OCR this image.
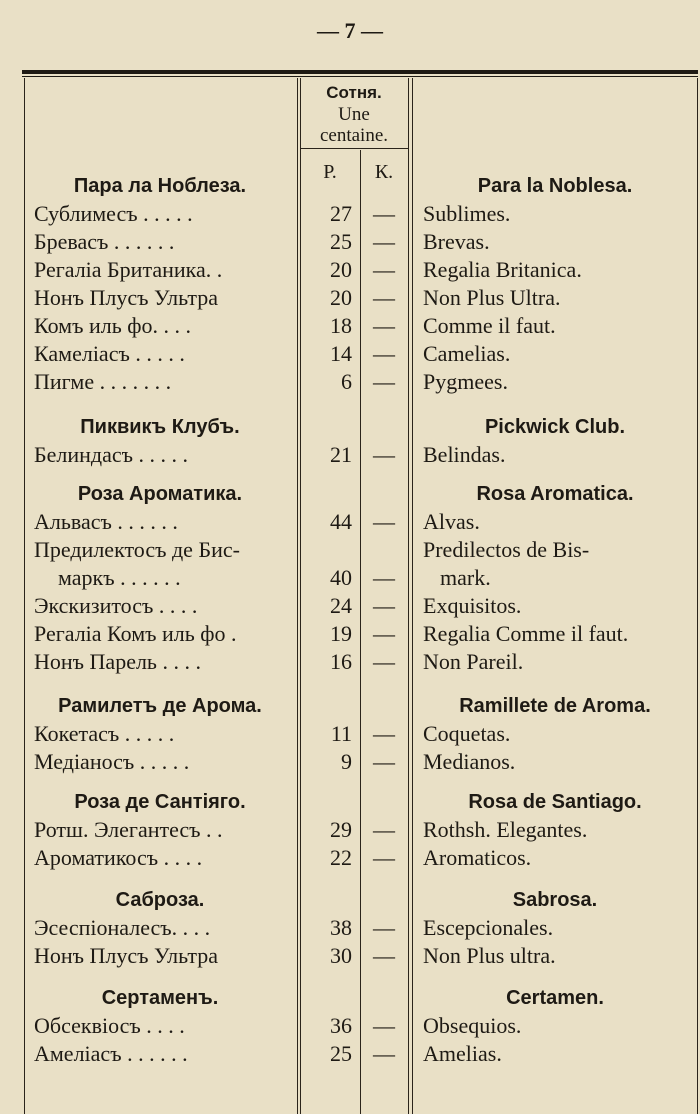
— 7 —
Сотня.
Une
centaine.
Р.	К.
Пара ла Ноблеза.	Para la Noblesa.
Сублимесъ . . . . .	27 —	Sublimes.
Бревасъ . . . . . .	25 —	Brevas.
Регаліа Британика. .	20 —	Regalia Britanica.
Нонъ Плусъ Ультра	20 —	Non Plus Ultra.
Комъ иль фо. . . .	18 —	Comme il faut.
Камеліасъ . . . . .	14 —	Camelias.
Пигме . . . . . . .	6 —	Pygmees.
Пиквикъ Клубъ.	Pickwick Club.
Белиндасъ . . . . .	21 —	Belindas.
Роза Ароматика.	Rosa Aromatica.
Альвасъ . . . . . .	44 —	Alvas.
Предилектосъ де Бис-	Predilectos de Bis-
маркъ . . . . . .	40 —	mark.
Экскизитосъ . . . .	24 —	Exquisitos.
Регаліа Комъ иль фо .	19 —	Regalia Comme il faut.
Нонъ Парель . . . .	16 —	Non Pareil.
Рамилетъ де Арома.	Ramillete de Aroma.
Кокетасъ . . . . .	11 —	Coquetas.
Медіаносъ . . . . .	9 —	Medianos.
Роза де Сантіяго.	Rosa de Santiago.
Ротш. Элегантесъ . .	29 —	Rothsh. Elegantes.
Ароматикосъ . . . .	22 —	Aromaticos.
Саброза.	Sabrosa.
Эсеспіоналесъ. . . .	38 —	Escepcionales.
Нонъ Плусъ Ультра	30 —	Non Plus ultra.
Сертаменъ.	Certamen.
Обсеквіосъ . . . .	36 —	Obsequios.
Амеліасъ . . . . . .	25 —	Amelias.
